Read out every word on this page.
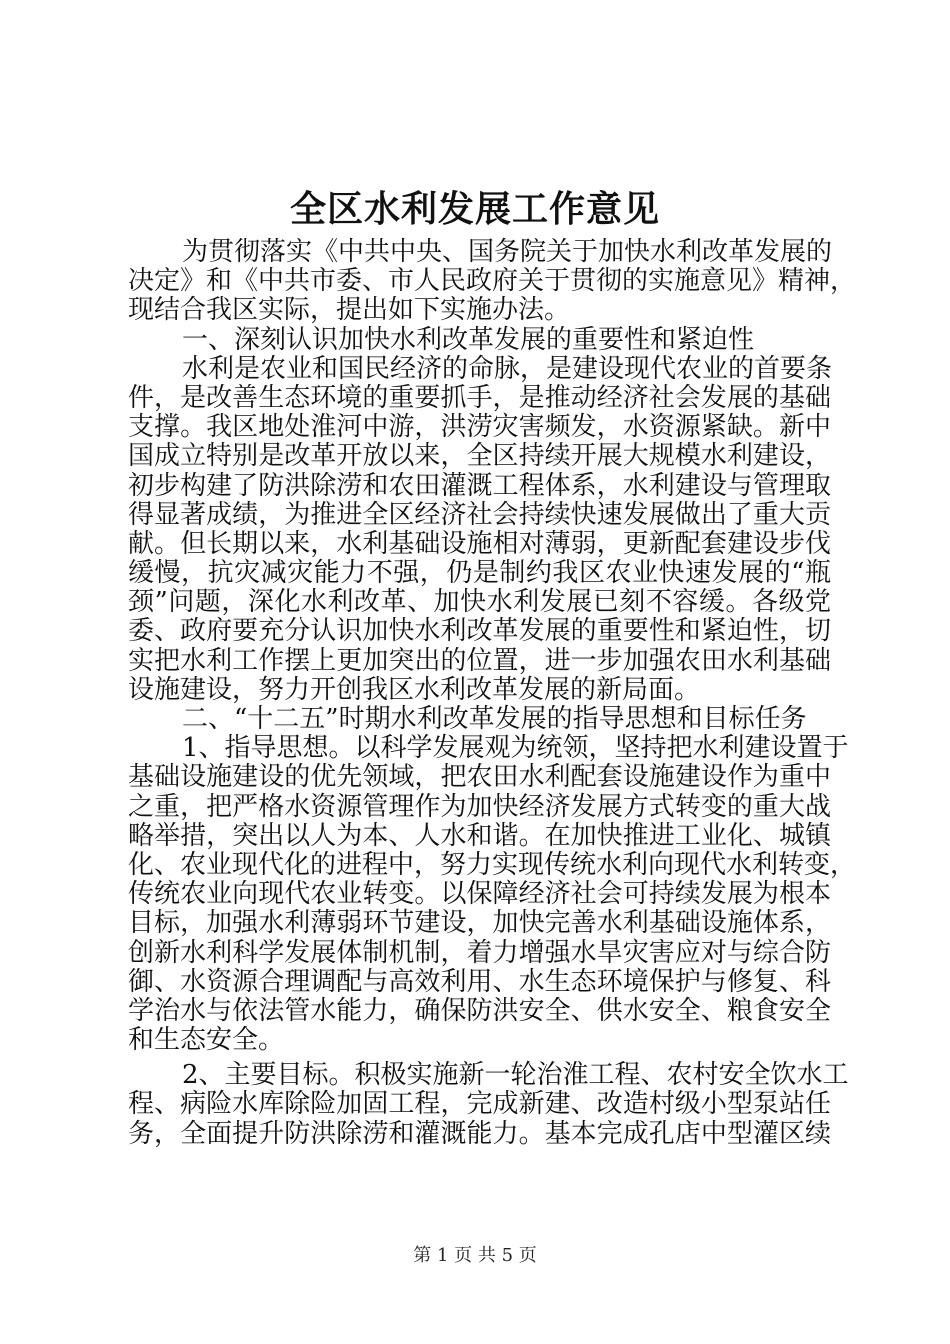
全区水利发展工作意见
为贯彻落实《中共中央、国务院关于加快水利改革发展的
决定》和《中共市委、市人民政府关于贯彻的实施意见》精神，
现结合我区实际，提出如下实施办法。
一、深刻认识加快水利改革发展的重要性和紧迫性
水利是农业和国民经济的命脉，是建设现代农业的首要条
件，是改善生态环境的重要抓手，是推动经济社会发展的基础
支撑。我区地处淮河中游，洪涝灾害频发，水资源紧缺。新中
国成立特别是改革开放以来，全区持续开展大规模水利建设，
初步构建了防洪除涝和农田灌溉工程体系，水利建设与管理取
得显著成绩，为推进全区经济社会持续快速发展做出了重大贡
献。但长期以来，水利基础设施相对薄弱，更新配套建设步伐
缓慢，抗灾减灾能力不强，仍是制约我区农业快速发展的“瓶
颈”问题，深化水利改革、加快水利发展已刻不容缓。各级党
委、政府要充分认识加快水利改革发展的重要性和紧迫性，切
实把水利工作摆上更加突出的位置，进一步加强农田水利基础
设施建设，努力开创我区水利改革发展的新局面。
二、“十二五”时期水利改革发展的指导思想和目标任务
1、指导思想。以科学发展观为统领，坚持把水利建设置于
基础设施建设的优先领域，把农田水利配套设施建设作为重中
之重，把严格水资源管理作为加快经济发展方式转变的重大战
略举措，突出以人为本、人水和谐。在加快推进工业化、城镇
化、农业现代化的进程中，努力实现传统水利向现代水利转变，
传统农业向现代农业转变。以保障经济社会可持续发展为根本
目标，加强水利薄弱环节建设，加快完善水利基础设施体系，
创新水利科学发展体制机制，着力增强水旱灾害应对与综合防
御、水资源合理调配与高效利用、水生态环境保护与修复、科
学治水与依法管水能力，确保防洪安全、供水安全、粮食安全
和生态安全。
2、主要目标。积极实施新一轮治淮工程、农村安全饮水工
程、病险水库除险加固工程，完成新建、改造村级小型泵站任
务，全面提升防洪除涝和灌溉能力。基本完成孔店中型灌区续
第 1 页 共 5 页
